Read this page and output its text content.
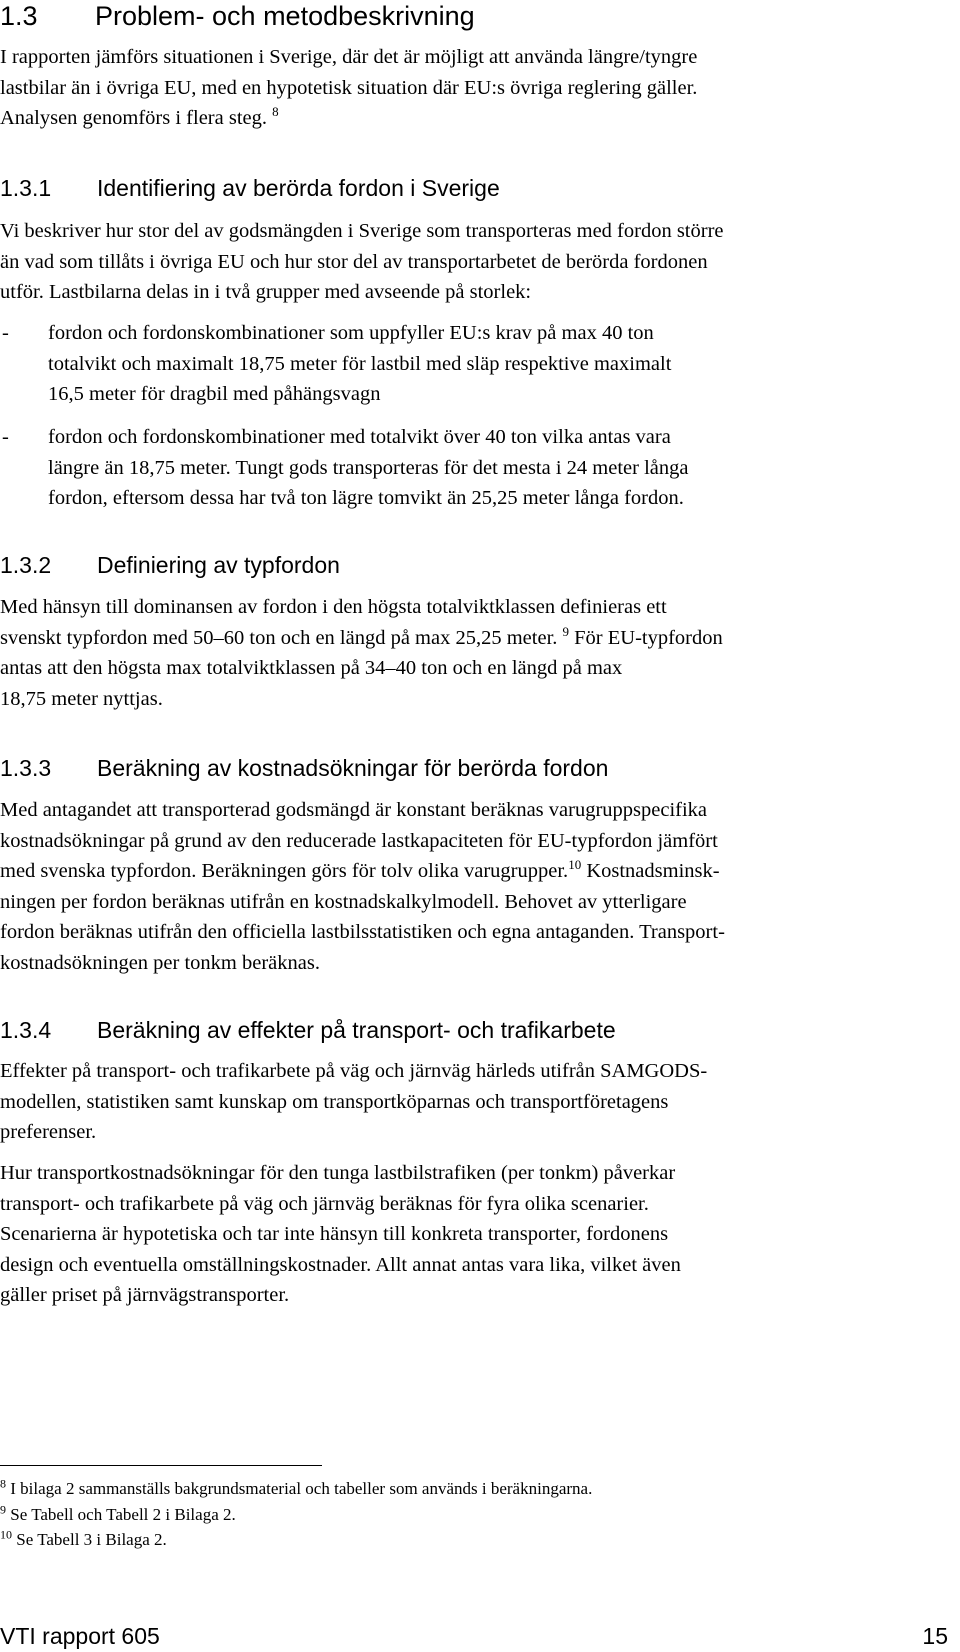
1.3 Problem- och metodbeskrivning
I rapporten jämförs situationen i Sverige, där det är möjligt att använda längre/tyngre
lastbilar än i övriga EU, med en hypotetisk situation där EU:s övriga reglering gäller.
Analysen genomförs i flera steg. $^8$
1.3.1 Identifiering av berörda fordon i Sverige
Vi beskriver hur stor del av godsmängden i Sverige som transporteras med fordon större
än vad som tillåts i övriga EU och hur stor del av transportarbetet de berörda fordonen
utför. Lastbilarna delas in i två grupper med avseende på storlek:
- fordon och fordonskombinationer som uppfyller EU:s krav på max 40 ton
totalvikt och maximalt 18,75 meter för lastbil med släp respektive maximalt
16,5 meter för dragbil med påhängsvagn
- fordon och fordonskombinationer med totalvikt över 40 ton vilka antas vara
längre än 18,75 meter. Tungt gods transporteras för det mesta i 24 meter långa
fordon, eftersom dessa har två ton lägre tomvikt än 25,25 meter långa fordon.
1.3.2 Definiering av typfordon
Med hänsyn till dominansen av fordon i den högsta totalviktklassen definieras ett
svenskt typfordon med 50–60 ton och en längd på max 25,25 meter. $^9$ För EU-typfordon
antas att den högsta max totalviktklassen på 34–40 ton och en längd på max
18,75 meter nyttjas.
1.3.3 Beräkning av kostnadsökningar för berörda fordon
Med antagandet att transporterad godsmängd är konstant beräknas varugruppspecifika
kostnadsökningar på grund av den reducerade lastkapaciteten för EU-typfordon jämfört
med svenska typfordon. Beräkningen görs för tolv olika varugrupper.$^{10}$ Kostnadsminsk-
ningen per fordon beräknas utifrån en kostnadskalkylmodell. Behovet av ytterligare
fordon beräknas utifrån den officiella lastbilsstatistiken och egna antaganden. Transport-
kostnadsökningen per tonkm beräknas.
1.3.4 Beräkning av effekter på transport- och trafikarbete
Effekter på transport- och trafikarbete på väg och järnväg härleds utifrån SAMGODS-
modellen, statistiken samt kunskap om transportköparnas och transportföretagens
preferenser.
Hur transportkostnadsökningar för den tunga lastbilstrafiken (per tonkm) påverkar
transport- och trafikarbete på väg och järnväg beräknas för fyra olika scenarier.
Scenarierna är hypotetiska och tar inte hänsyn till konkreta transporter, fordonens
design och eventuella omställningskostnader. Allt annat antas vara lika, vilket även
gäller priset på järnvägstransporter.
$^8$ I bilaga 2 sammanställs bakgrundsmaterial och tabeller som används i beräkningarna.
$^9$ Se Tabell och Tabell 2 i Bilaga 2.
$^{10}$ Se Tabell 3 i Bilaga 2.
VTI rapport 605	15
